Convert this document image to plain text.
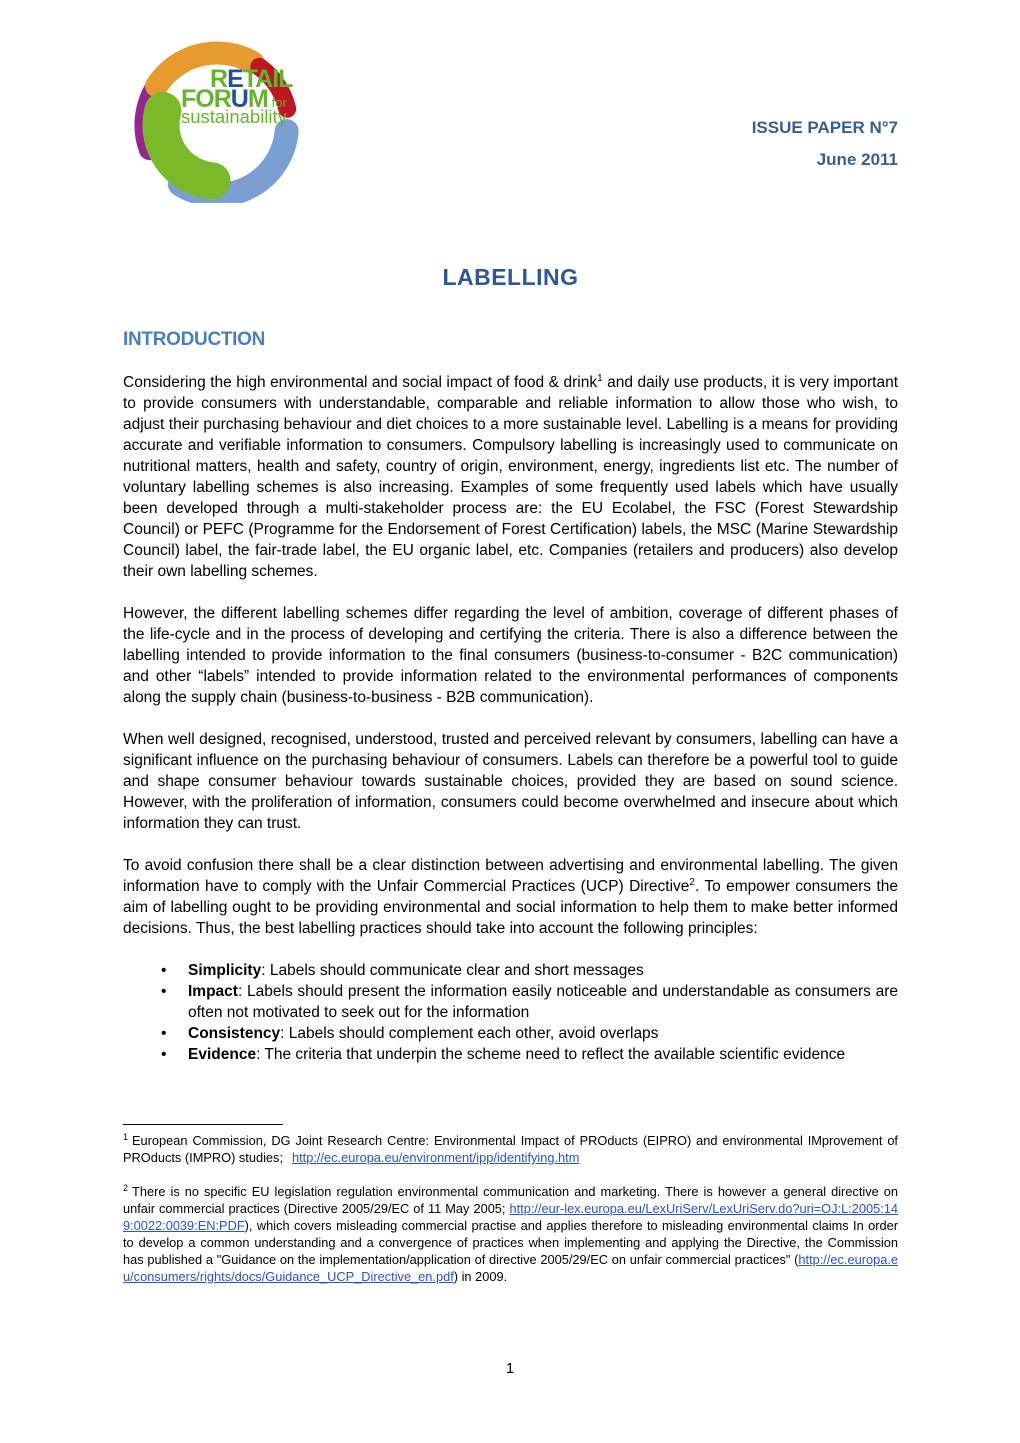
RETAIL
FORUM for
sustainability
ISSUE PAPER N°7
June 2011
LABELLING
INTRODUCTION

Considering the high environmental and social impact of food & drink$^1$ and daily use products, it is very important to provide consumers with understandable, comparable and reliable information to allow those who wish, to adjust their purchasing behaviour and diet choices to a more sustainable level. Labelling is a means for providing accurate and verifiable information to consumers. Compulsory labelling is increasingly used to communicate on nutritional matters, health and safety, country of origin, environment, energy, ingredients list etc. The number of voluntary labelling schemes is also increasing. Examples of some frequently used labels which have usually been developed through a multi-stakeholder process are: the EU Ecolabel, the FSC (Forest Stewardship Council) or PEFC (Programme for the Endorsement of Forest Certification) labels, the MSC (Marine Stewardship Council) label, the fair-trade label, the EU organic label, etc. Companies (retailers and producers) also develop their own labelling schemes.

However, the different labelling schemes differ regarding the level of ambition, coverage of different phases of the life-cycle and in the process of developing and certifying the criteria. There is also a difference between the labelling intended to provide information to the final consumers (business-to-consumer - B2C communication) and other “labels” intended to provide information related to the environmental performances of components along the supply chain (business-to-business - B2B communication).

When well designed, recognised, understood, trusted and perceived relevant by consumers, labelling can have a significant influence on the purchasing behaviour of consumers. Labels can therefore be a powerful tool to guide and shape consumer behaviour towards sustainable choices, provided they are based on sound science. However, with the proliferation of information, consumers could become overwhelmed and insecure about which information they can trust.

To avoid confusion there shall be a clear distinction between advertising and environmental labelling. The given information have to comply with the Unfair Commercial Practices (UCP) Directive$^2$. To empower consumers the aim of labelling ought to be providing environmental and social information to help them to make better informed decisions. Thus, the best labelling practices should take into account the following principles:

• Simplicity: Labels should communicate clear and short messages
• Impact: Labels should present the information easily noticeable and understandable as consumers are often not motivated to seek out for the information
• Consistency: Labels should complement each other, avoid overlaps
• Evidence: The criteria that underpin the scheme need to reflect the available scientific evidence
$^1$ European Commission, DG Joint Research Centre: Environmental Impact of PROducts (EIPRO) and environmental IMprovement of PROducts (IMPRO) studies; http://ec.europa.eu/environment/ipp/identifying.htm
$^2$ There is no specific EU legislation regulation environmental communication and marketing. There is however a general directive on unfair commercial practices (Directive 2005/29/EC of 11 May 2005; http://eur-lex.europa.eu/LexUriServ/LexUriServ.do?uri=OJ:L:2005:149:0022:0039:EN:PDF), which covers misleading commercial practise and applies therefore to misleading environmental claims In order to develop a common understanding and a convergence of practices when implementing and applying the Directive, the Commission has published a "Guidance on the implementation/application of directive 2005/29/EC on unfair commercial practices" (http://ec.europa.eu/consumers/rights/docs/Guidance_UCP_Directive_en.pdf) in 2009.
1
